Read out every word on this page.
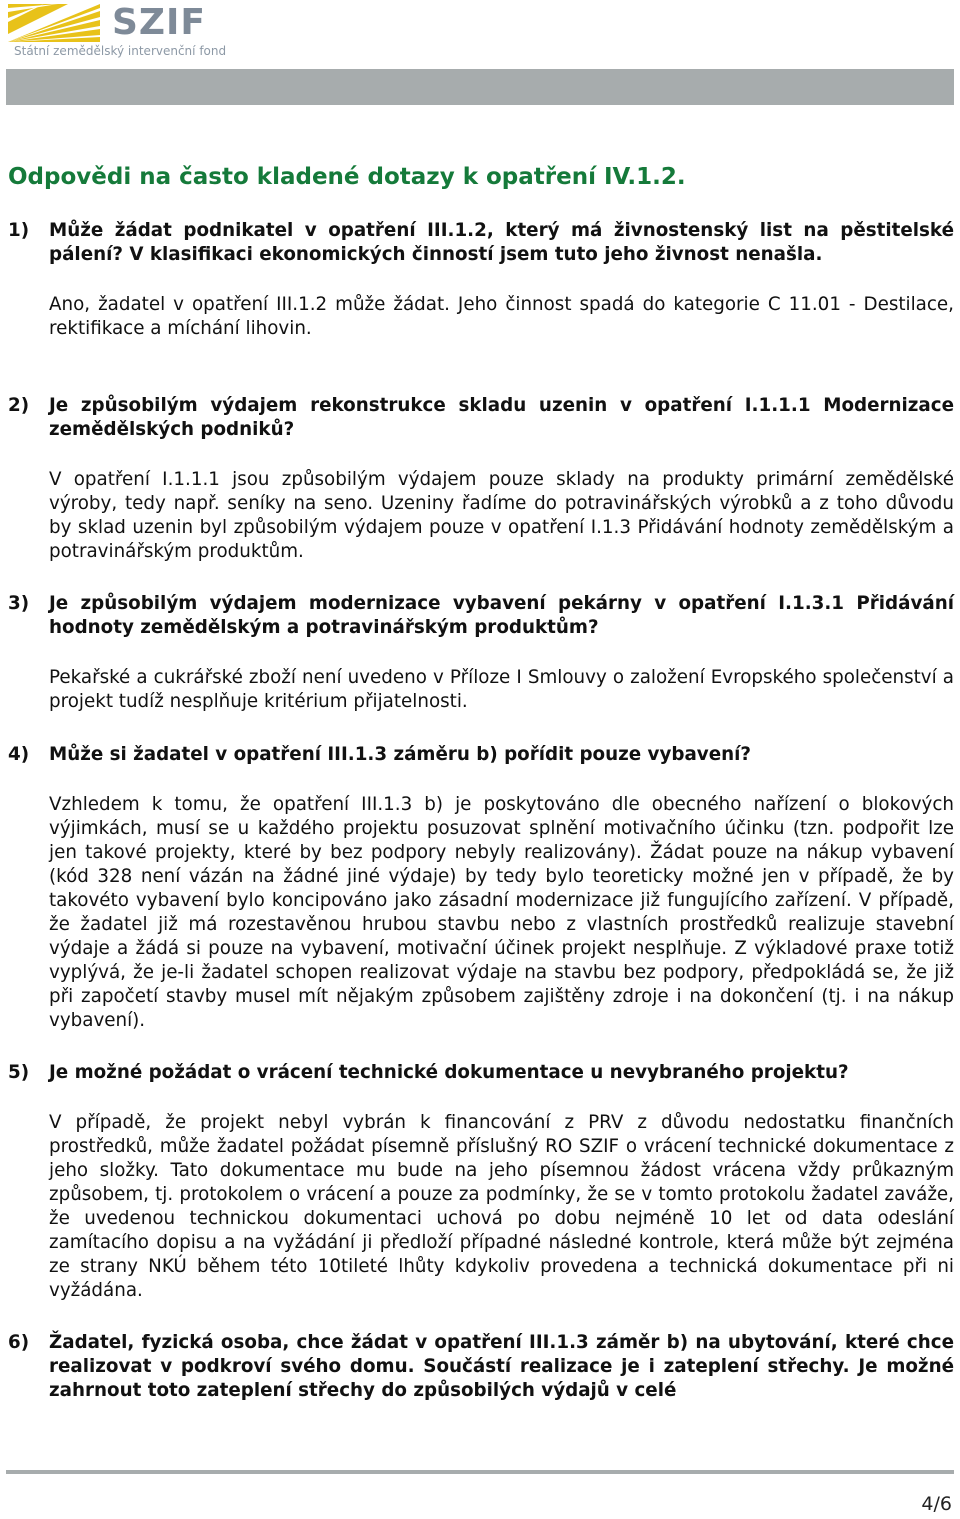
SZIF
Státní zemědělský intervenční fond
Odpovědi na často kladené dotazy k opatření IV.1.2.
1)	Může žádat podnikatel v opatření III.1.2, který má živnostenský list na pěstitelské pálení? V klasifikaci ekonomických činností jsem tuto jeho živnost nenašla.
Ano, žadatel v opatření III.1.2 může žádat. Jeho činnost spadá do kategorie C 11.01 - Destilace, rektifikace a míchání lihovin.
2)	Je způsobilým výdajem rekonstrukce skladu uzenin v opatření I.1.1.1 Modernizace zemědělských podniků?
V opatření I.1.1.1 jsou způsobilým výdajem pouze sklady na produkty primární zemědělské výroby, tedy např. seníky na seno. Uzeniny řadíme do potravinářských výrobků a z toho důvodu by sklad uzenin byl způsobilým výdajem pouze v opatření I.1.3 Přidávání hodnoty zemědělským a potravinářským produktům.
3)	Je způsobilým výdajem modernizace vybavení pekárny v opatření I.1.3.1 Přidávání hodnoty zemědělským a potravinářským produktům?
Pekařské a cukrářské zboží není uvedeno v Příloze I Smlouvy o založení Evropského společenství a projekt tudíž nesplňuje kritérium přijatelnosti.
4)	Může si žadatel v opatření III.1.3 záměru b) pořídit pouze vybavení?
Vzhledem k tomu, že opatření III.1.3 b) je poskytováno dle obecného nařízení o blokových výjimkách, musí se u každého projektu posuzovat splnění motivačního účinku (tzn. podpořit lze jen takové projekty, které by bez podpory nebyly realizovány). Žádat pouze na nákup vybavení (kód 328 není vázán na žádné jiné výdaje) by tedy bylo teoreticky možné jen v případě, že by takovéto vybavení bylo koncipováno jako zásadní modernizace již fungujícího zařízení. V případě, že žadatel již má rozestavěnou hrubou stavbu nebo z vlastních prostředků realizuje stavební výdaje a žádá si pouze na vybavení, motivační účinek projekt nesplňuje. Z výkladové praxe totiž vyplývá, že je-li žadatel schopen realizovat výdaje na stavbu bez podpory, předpokládá se, že již při započetí stavby musel mít nějakým způsobem zajištěny zdroje i na dokončení (tj. i na nákup vybavení).
5)	Je možné požádat o vrácení technické dokumentace u nevybraného projektu?
V případě, že projekt nebyl vybrán k financování z PRV z důvodu nedostatku finančních prostředků, může žadatel požádat písemně příslušný RO SZIF o vrácení technické dokumentace z jeho složky. Tato dokumentace mu bude na jeho písemnou žádost vrácena vždy průkazným způsobem, tj. protokolem o vrácení a pouze za podmínky, že se v tomto protokolu žadatel zaváže, že uvedenou technickou dokumentaci uchová po dobu nejméně 10 let od data odeslání zamítacího dopisu a na vyžádání ji předloží případné následné kontrole, která může být zejména ze strany NKÚ během této 10tileté lhůty kdykoliv provedena a technická dokumentace při ni vyžádána.
6)	Žadatel, fyzická osoba, chce žádat v opatření III.1.3 záměr b) na ubytování, které chce realizovat v podkroví svého domu. Součástí realizace je i zateplení střechy. Je možné zahrnout toto zateplení střechy do způsobilých výdajů v celé
4/6
